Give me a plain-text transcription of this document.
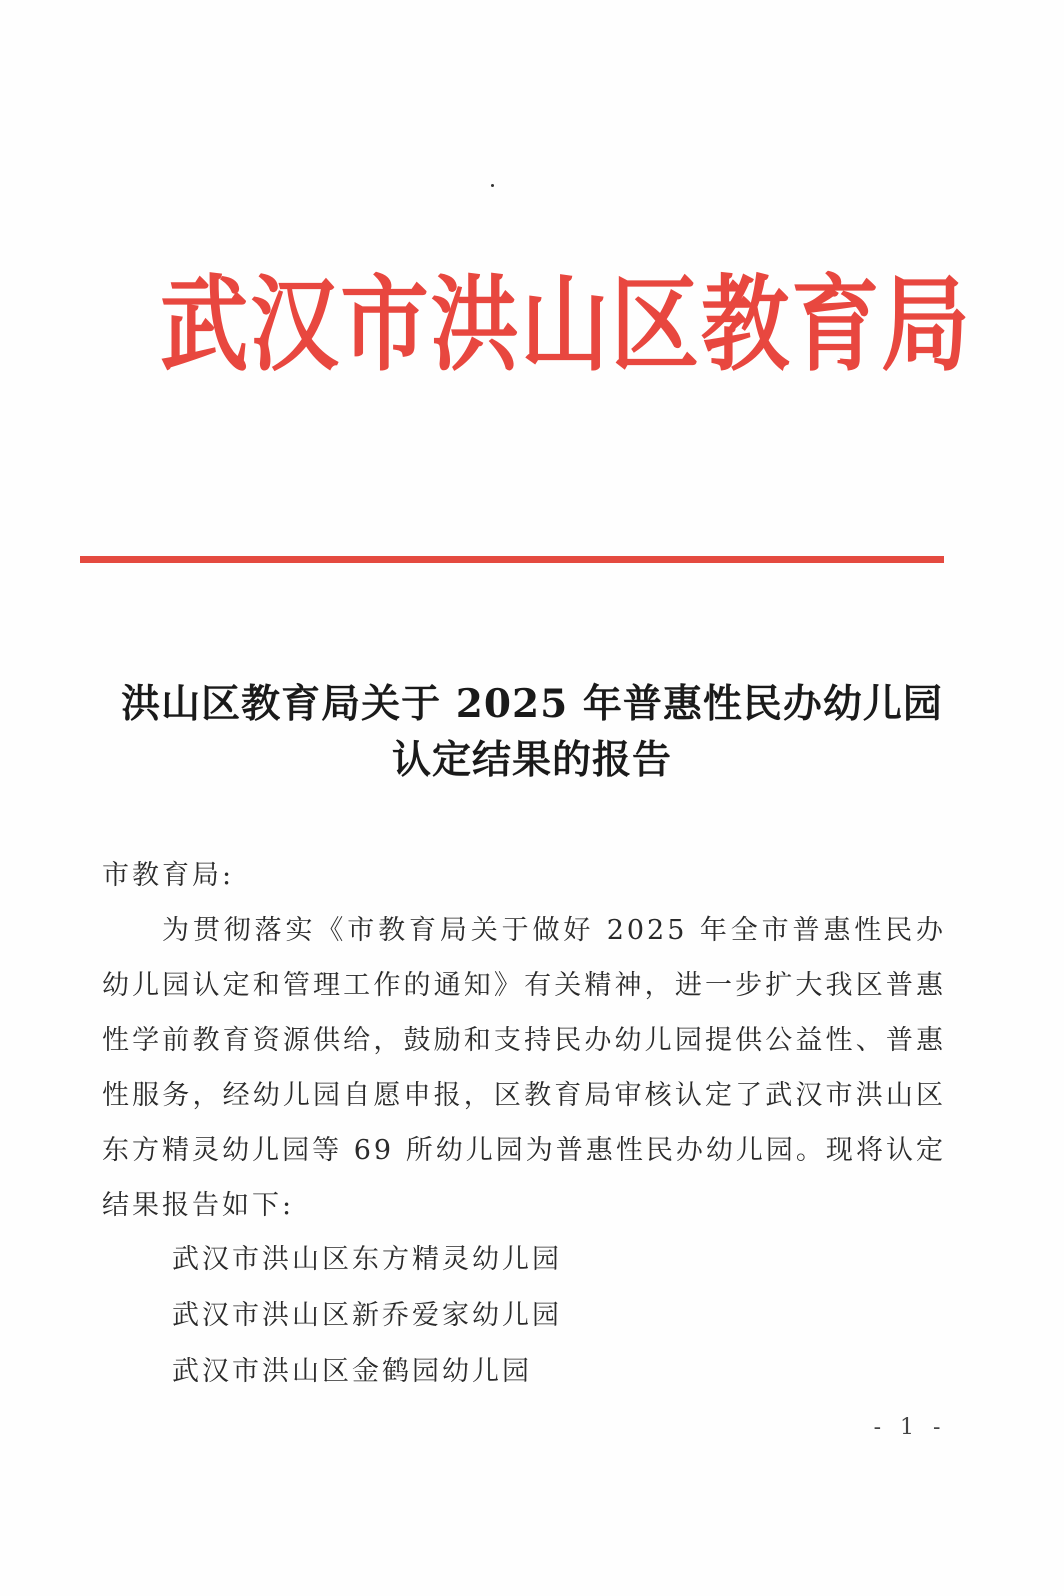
武汉市洪山区教育局
洪山区教育局关于 2025 年普惠性民办幼儿园
认定结果的报告

市教育局:

为贯彻落实《市教育局关于做好 2025 年全市普惠性民办幼儿园认定和管理工作的通知》有关精神，进一步扩大我区普惠性学前教育资源供给，鼓励和支持民办幼儿园提供公益性、普惠性服务，经幼儿园自愿申报，区教育局审核认定了武汉市洪山区东方精灵幼儿园等 69 所幼儿园为普惠性民办幼儿园。现将认定结果报告如下:

武汉市洪山区东方精灵幼儿园
武汉市洪山区新乔爱家幼儿园
武汉市洪山区金鹤园幼儿园
- 1 -
